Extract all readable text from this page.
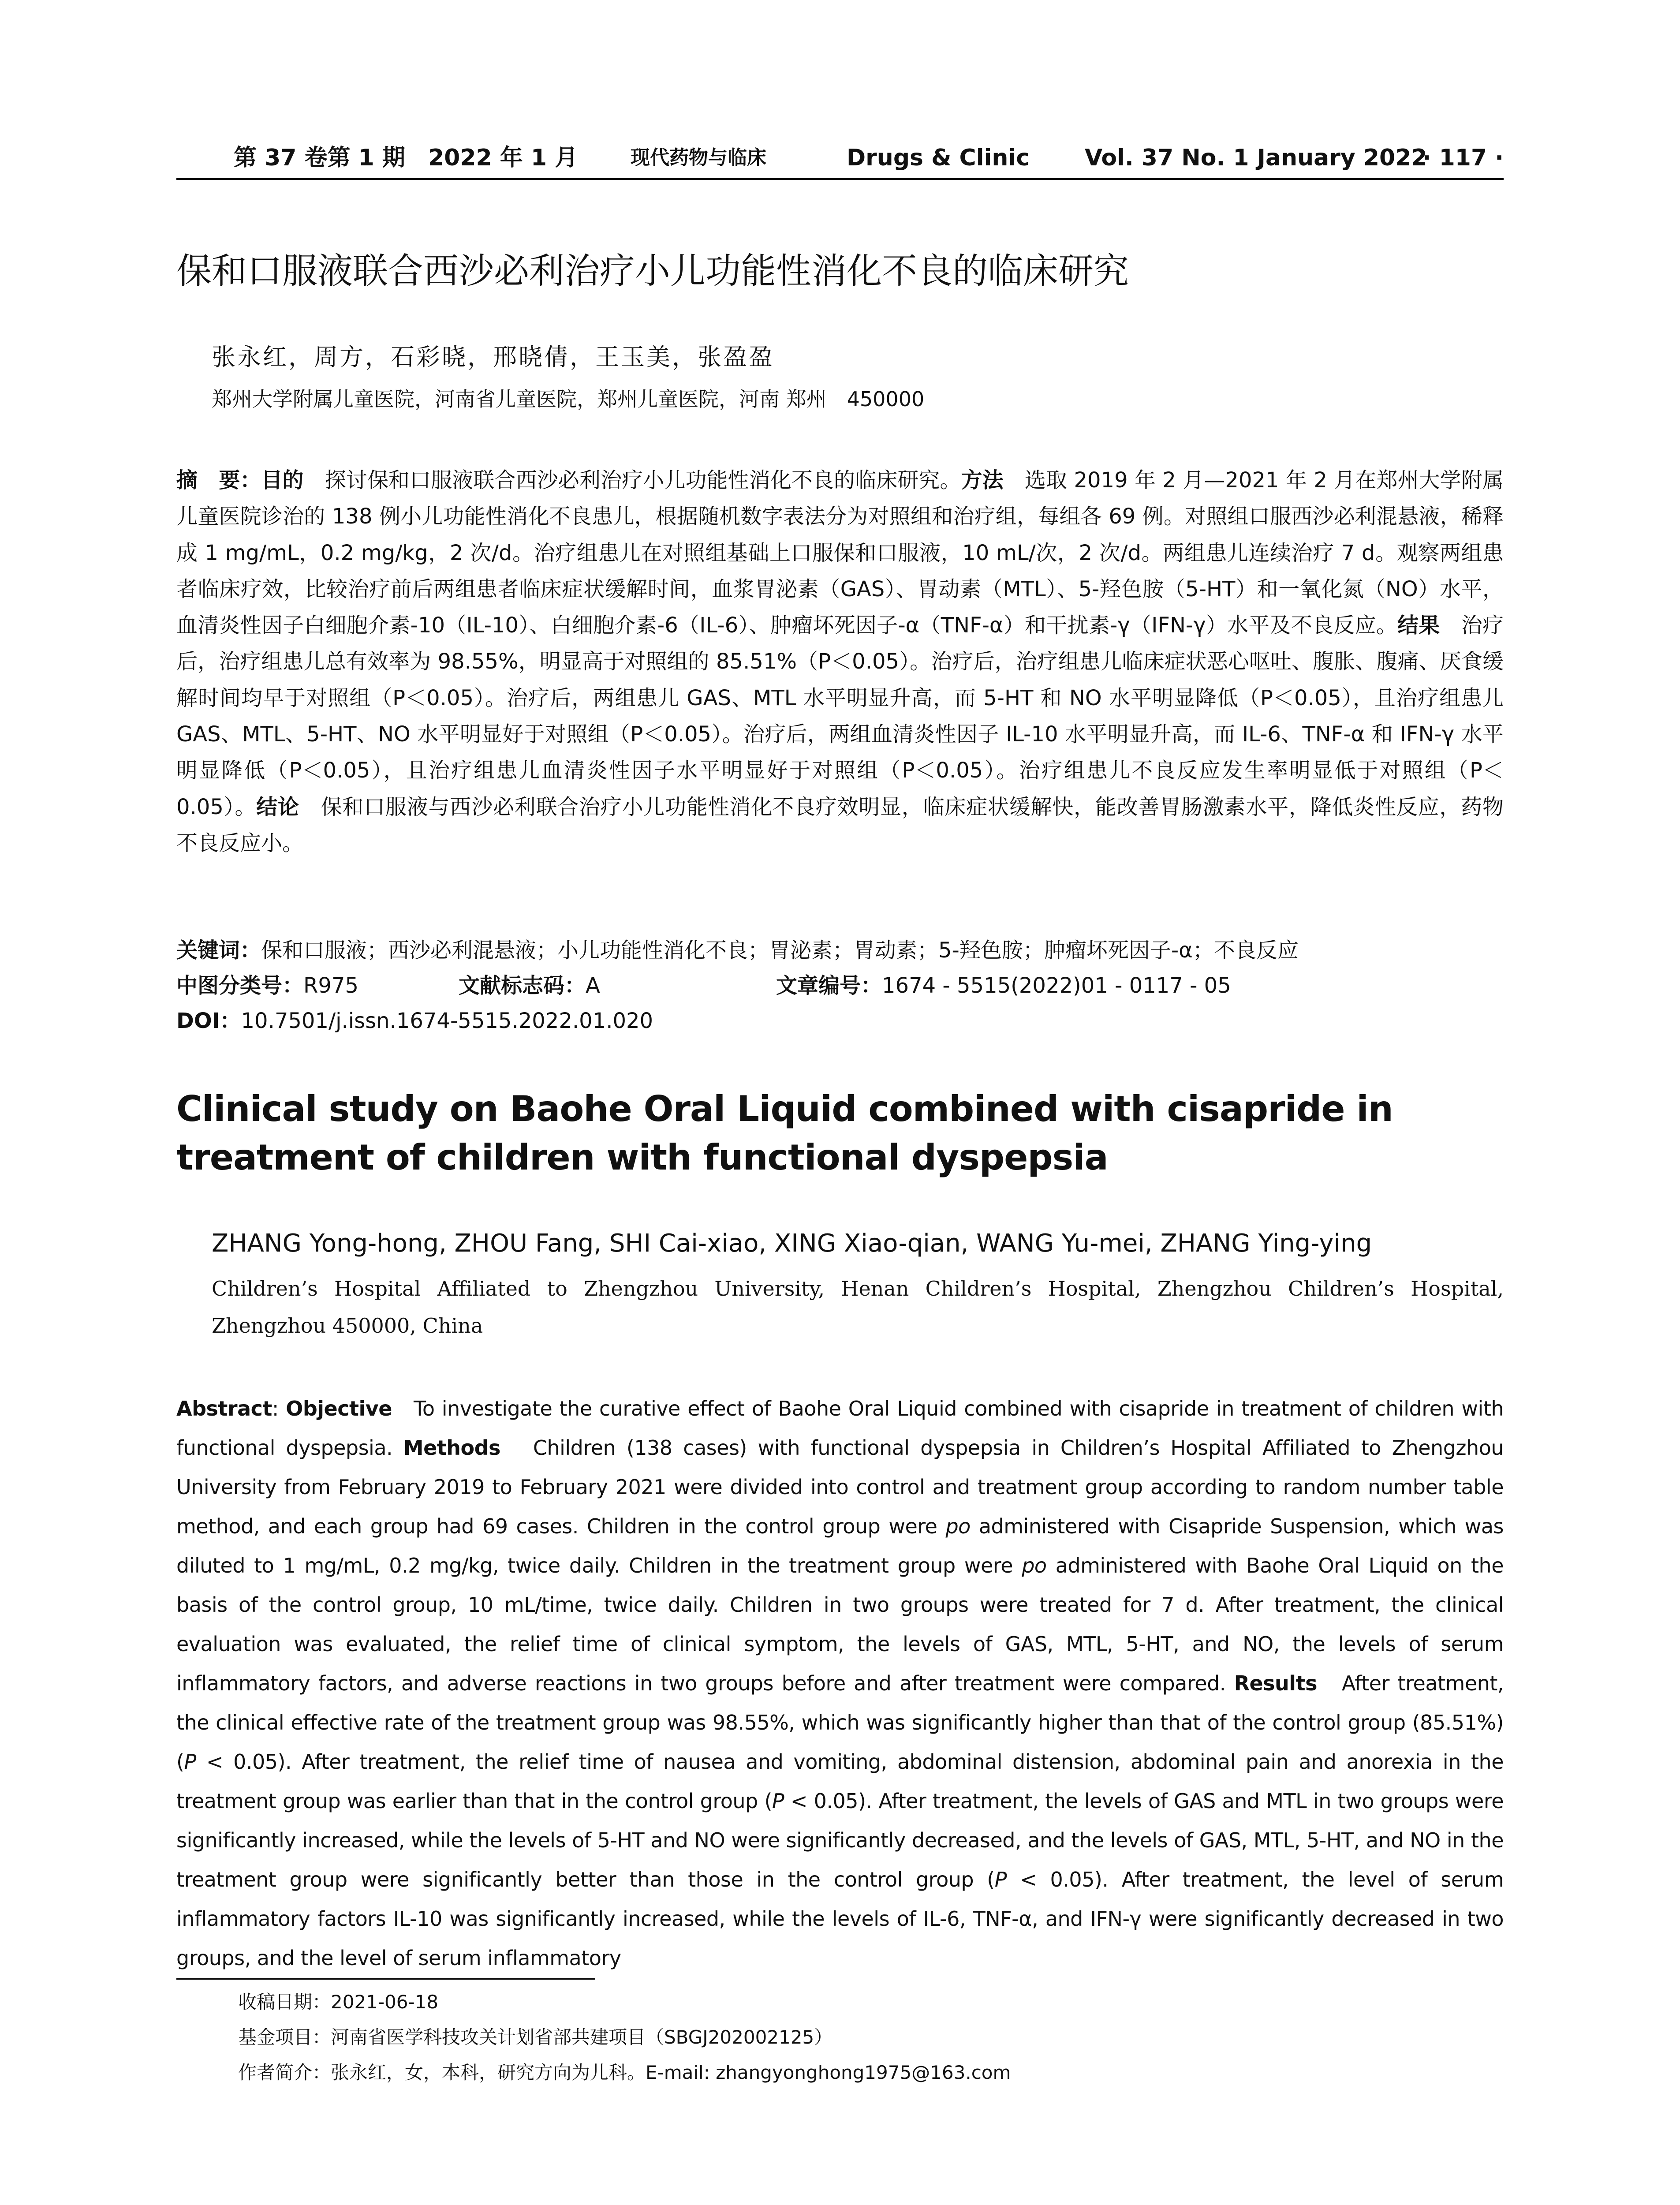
第 37 卷第 1 期　2022 年 1 月	现代药物与临床	Drugs & Clinic Vol. 37 No. 1 January 2022
· 117 ·
保和口服液联合西沙必利治疗小儿功能性消化不良的临床研究

张永红，周方，石彩晓，邢晓倩，王玉美，张盈盈

郑州大学附属儿童医院，河南省儿童医院，郑州儿童医院，河南 郑州　450000

摘　要：目的　探讨保和口服液联合西沙必利治疗小儿功能性消化不良的临床研究。方法　选取 2019 年 2 月—2021 年 2 月在郑州大学附属儿童医院诊治的 138 例小儿功能性消化不良患儿，根据随机数字表法分为对照组和治疗组，每组各 69 例。对照组口服西沙必利混悬液，稀释成 1 mg/mL，0.2 mg/kg，2 次/d。治疗组患儿在对照组基础上口服保和口服液，10 mL/次，2 次/d。两组患儿连续治疗 7 d。观察两组患者临床疗效，比较治疗前后两组患者临床症状缓解时间，血浆胃泌素（GAS）、胃动素（MTL）、5-羟色胺（5-HT）和一氧化氮（NO）水平，血清炎性因子白细胞介素-10（IL-10）、白细胞介素-6（IL-6）、肿瘤坏死因子-α（TNF-α）和干扰素-γ（IFN-γ）水平及不良反应。结果　治疗后，治疗组患儿总有效率为 98.55%，明显高于对照组的 85.51%（P＜0.05）。治疗后，治疗组患儿临床症状恶心呕吐、腹胀、腹痛、厌食缓解时间均早于对照组（P＜0.05）。治疗后，两组患儿 GAS、MTL 水平明显升高，而 5-HT 和 NO 水平明显降低（P＜0.05），且治疗组患儿 GAS、MTL、5-HT、NO 水平明显好于对照组（P＜0.05）。治疗后，两组血清炎性因子 IL-10 水平明显升高，而 IL-6、TNF-α 和 IFN-γ 水平明显降低（P＜0.05），且治疗组患儿血清炎性因子水平明显好于对照组（P＜0.05）。治疗组患儿不良反应发生率明显低于对照组（P＜0.05）。结论　保和口服液与西沙必利联合治疗小儿功能性消化不良疗效明显，临床症状缓解快，能改善胃肠激素水平，降低炎性反应，药物不良反应小。

关键词：保和口服液；西沙必利混悬液；小儿功能性消化不良；胃泌素；胃动素；5-羟色胺；肿瘤坏死因子-α；不良反应

中图分类号：R975	文献标志码：A	文章编号：1674 - 5515(2022)01 - 0117 - 05

DOI：10.7501/j.issn.1674-5515.2022.01.020

Clinical study on Baohe Oral Liquid combined with cisapride in treatment of children with functional dyspepsia

ZHANG Yong-hong, ZHOU Fang, SHI Cai-xiao, XING Xiao-qian, WANG Yu-mei, ZHANG Ying-ying

Children’s Hospital Affiliated to Zhengzhou University, Henan Children’s Hospital, Zhengzhou Children’s Hospital, Zhengzhou 450000, China

Abstract: Objective To investigate the curative effect of Baohe Oral Liquid combined with cisapride in treatment of children with functional dyspepsia. Methods Children (138 cases) with functional dyspepsia in Children’s Hospital Affiliated to Zhengzhou University from February 2019 to February 2021 were divided into control and treatment group according to random number table method, and each group had 69 cases. Children in the control group were po administered with Cisapride Suspension, which was diluted to 1 mg/mL, 0.2 mg/kg, twice daily. Children in the treatment group were po administered with Baohe Oral Liquid on the basis of the control group, 10 mL/time, twice daily. Children in two groups were treated for 7 d. After treatment, the clinical evaluation was evaluated, the relief time of clinical symptom, the levels of GAS, MTL, 5-HT, and NO, the levels of serum inflammatory factors, and adverse reactions in two groups before and after treatment were compared. Results After treatment, the clinical effective rate of the treatment group was 98.55%, which was significantly higher than that of the control group (85.51%) (P < 0.05). After treatment, the relief time of nausea and vomiting, abdominal distension, abdominal pain and anorexia in the treatment group was earlier than that in the control group (P < 0.05). After treatment, the levels of GAS and MTL in two groups were significantly increased, while the levels of 5-HT and NO were significantly decreased, and the levels of GAS, MTL, 5-HT, and NO in the treatment group were significantly better than those in the control group (P < 0.05). After treatment, the level of serum inflammatory factors IL-10 was significantly increased, while the levels of IL-6, TNF-α, and IFN-γ were significantly decreased in two groups, and the level of serum inflammatory

收稿日期：2021-06-18

基金项目：河南省医学科技攻关计划省部共建项目（SBGJ202002125）

作者简介：张永红，女，本科，研究方向为儿科。E-mail: zhangyonghong1975@163.com
